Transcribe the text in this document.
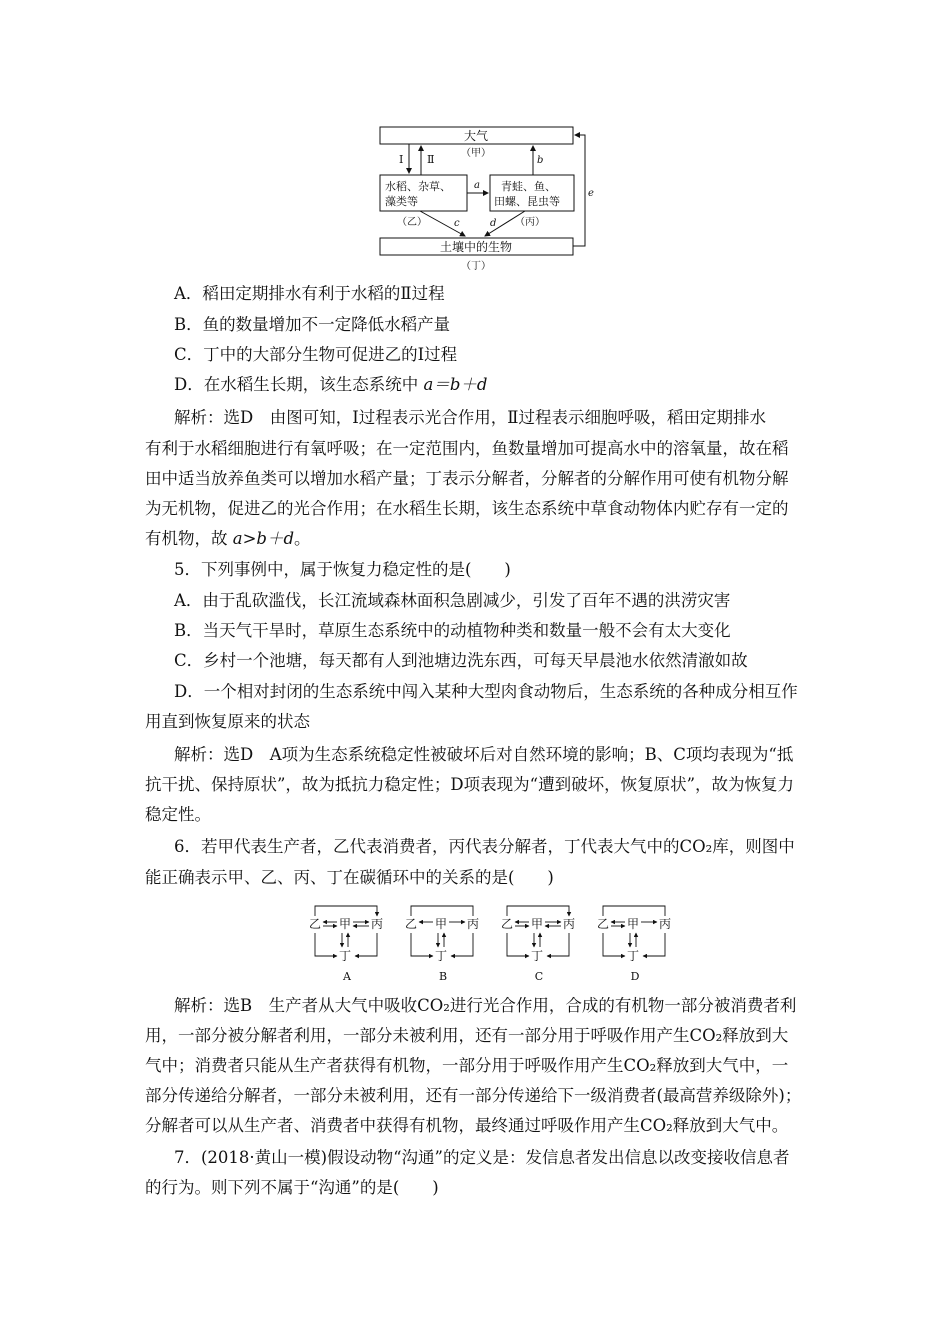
大气
（甲）
水稻、杂草、
藻类等
（乙）
青蛙、鱼、
田螺、昆虫等
（丙）
土壤中的生物
（丁）
Ⅰ Ⅱ
a
b
c	d
e
A．稻田定期排水有利于水稻的Ⅱ过程
B．鱼的数量增加不一定降低水稻产量
C．丁中的大部分生物可促进乙的Ⅰ过程
D．在水稻生长期，该生态系统中 a＝b＋d
解析：选D　由图可知，Ⅰ过程表示光合作用，Ⅱ过程表示细胞呼吸，稻田定期排水
有利于水稻细胞进行有氧呼吸；在一定范围内，鱼数量增加可提高水中的溶氧量，故在稻
田中适当放养鱼类可以增加水稻产量；丁表示分解者，分解者的分解作用可使有机物分解
为无机物，促进乙的光合作用；在水稻生长期，该生态系统中草食动物体内贮存有一定的
有机物，故 a>b＋d。
5．下列事例中，属于恢复力稳定性的是(　　)
A．由于乱砍滥伐，长江流域森林面积急剧减少，引发了百年不遇的洪涝灾害
B．当天气干旱时，草原生态系统中的动植物种类和数量一般不会有太大变化
C．乡村一个池塘，每天都有人到池塘边洗东西，可每天早晨池水依然清澈如故
D．一个相对封闭的生态系统中闯入某种大型肉食动物后，生态系统的各种成分相互作
用直到恢复原来的状态
解析：选D　A项为生态系统稳定性被破坏后对自然环境的影响；B、C项均表现为“抵
抗干扰、保持原状”，故为抵抗力稳定性；D项表现为“遭到破坏，恢复原状”，故为恢复力
稳定性。
6．若甲代表生产者，乙代表消费者，丙代表分解者，丁代表大气中的CO₂库，则图中
能正确表示甲、乙、丙、丁在碳循环中的关系的是(　　)
乙 甲 丙
丁
A
乙 甲 丙
丁
B
乙 甲 丙
丁
C
乙 甲 丙
丁
D
解析：选B　生产者从大气中吸收CO₂进行光合作用，合成的有机物一部分被消费者利
用，一部分被分解者利用，一部分未被利用，还有一部分用于呼吸作用产生CO₂释放到大
气中；消费者只能从生产者获得有机物，一部分用于呼吸作用产生CO₂释放到大气中，一
部分传递给分解者，一部分未被利用，还有一部分传递给下一级消费者(最高营养级除外)；
分解者可以从生产者、消费者中获得有机物，最终通过呼吸作用产生CO₂释放到大气中。
7．(2018·黄山一模)假设动物“沟通”的定义是：发信息者发出信息以改变接收信息者
的行为。则下列不属于“沟通”的是(　　)
